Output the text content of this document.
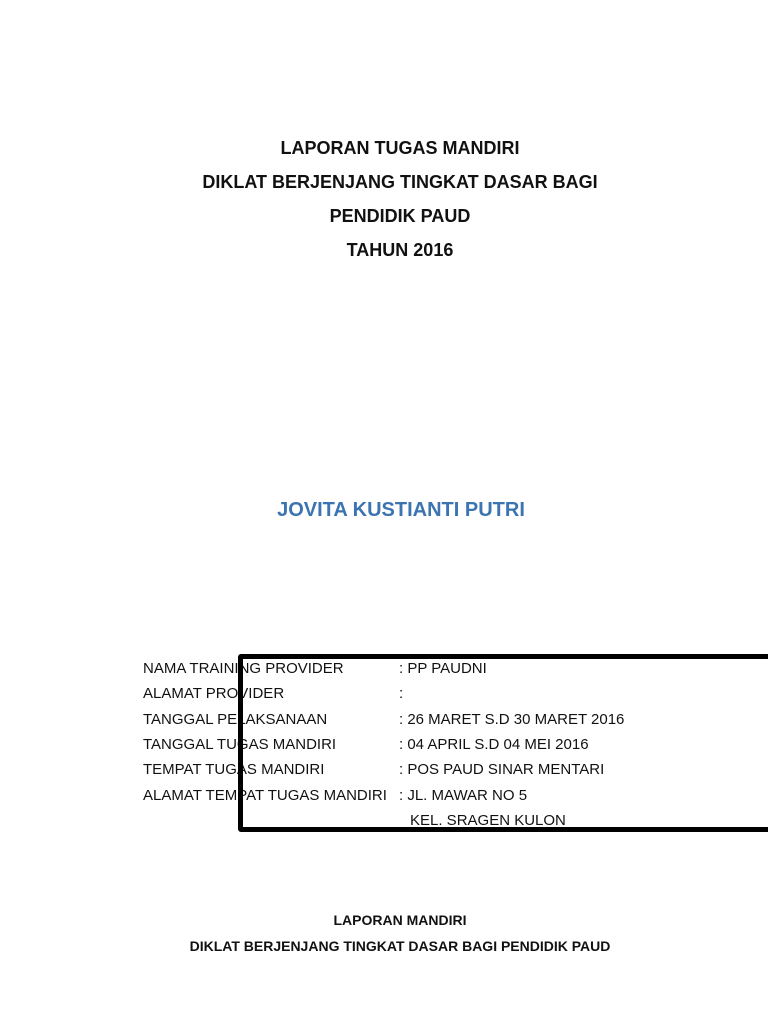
LAPORAN TUGAS MANDIRI
DIKLAT BERJENJANG TINGKAT DASAR BAGI
PENDIDIK PAUD
TAHUN 2016
JOVITA KUSTIANTI PUTRI
NAMA TRAINING PROVIDER	: PP PAUDNI
ALAMAT PROVIDER	:
TANGGAL PELAKSANAAN	: 26 MARET S.D 30 MARET 2016
TANGGAL TUGAS MANDIRI	: 04 APRIL S.D 04 MEI 2016
TEMPAT TUGAS MANDIRI	: POS PAUD SINAR MENTARI
ALAMAT TEMPAT TUGAS MANDIRI : JL. MAWAR NO 5
KEL. SRAGEN KULON
LAPORAN MANDIRI
DIKLAT BERJENJANG TINGKAT DASAR BAGI PENDIDIK PAUD
